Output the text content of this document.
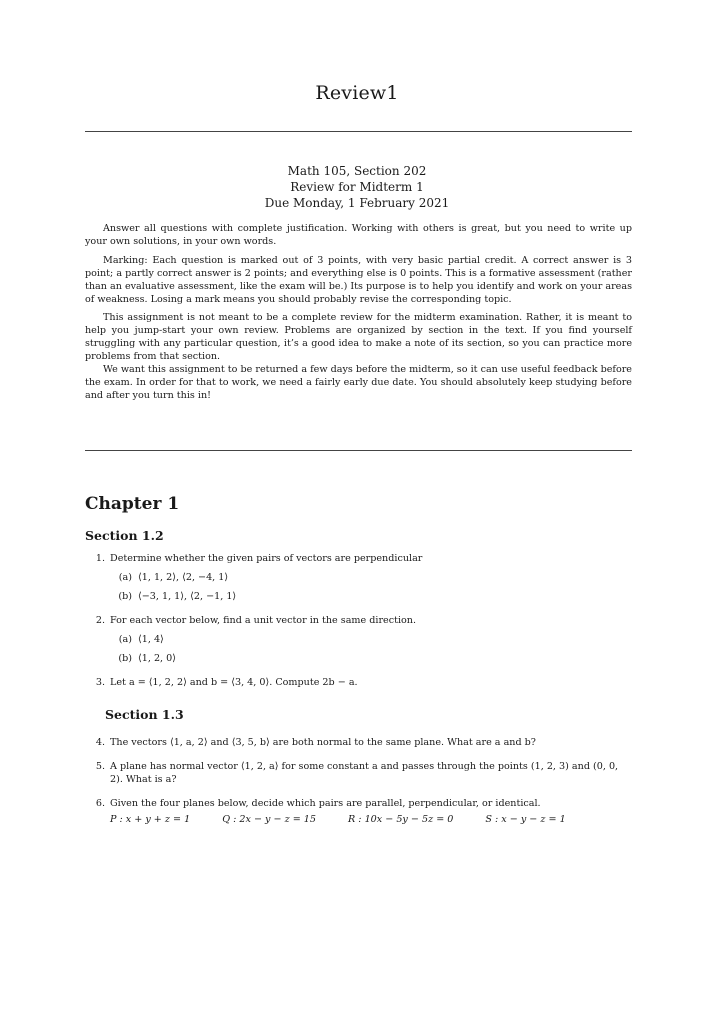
Review1
Math 105, Section 202
Review for Midterm 1
Due Monday, 1 February 2021

Answer all questions with complete justification. Working with others is great, but you need to write up your own solutions, in your own words.

Marking: Each question is marked out of 3 points, with very basic partial credit. A correct answer is 3 point; a partly correct answer is 2 points; and everything else is 0 points. This is a formative assessment (rather than an evaluative assessment, like the exam will be.) Its purpose is to help you identify and work on your areas of weakness. Losing a mark means you should probably revise the corresponding topic.

This assignment is not meant to be a complete review for the midterm examination. Rather, it is meant to help you jump-start your own review. Problems are organized by section in the text. If you find yourself struggling with any particular question, it’s a good idea to make a note of its section, so you can practice more problems from that section.

We want this assignment to be returned a few days before the midterm, so it can use useful feedback before the exam. In order for that to work, we need a fairly early due date. You should absolutely keep studying before and after you turn this in!

Chapter 1
Section 1.2
1. Determine whether the given pairs of vectors are perpendicular
(a) ⟨1, 1, 2⟩, ⟨2, −4, 1⟩
(b) ⟨−3, 1, 1⟩, ⟨2, −1, 1⟩
2. For each vector below, find a unit vector in the same direction.
(a) ⟨1, 4⟩
(b) ⟨1, 2, 0⟩
3. Let a = ⟨1, 2, 2⟩ and b = ⟨3, 4, 0⟩. Compute 2b − a.
Section 1.3
4. The vectors ⟨1, a, 2⟩ and ⟨3, 5, b⟩ are both normal to the same plane. What are a and b?
5. A plane has normal vector ⟨1, 2, a⟩ for some constant a and passes through the points (1, 2, 3) and (0, 0, 2). What is a?
6. Given the four planes below, decide which pairs are parallel, perpendicular, or identical.
P : x + y + z = 1	Q : 2x − y − z = 15	R : 10x − 5y − 5z = 0	S : x − y − z = 1
